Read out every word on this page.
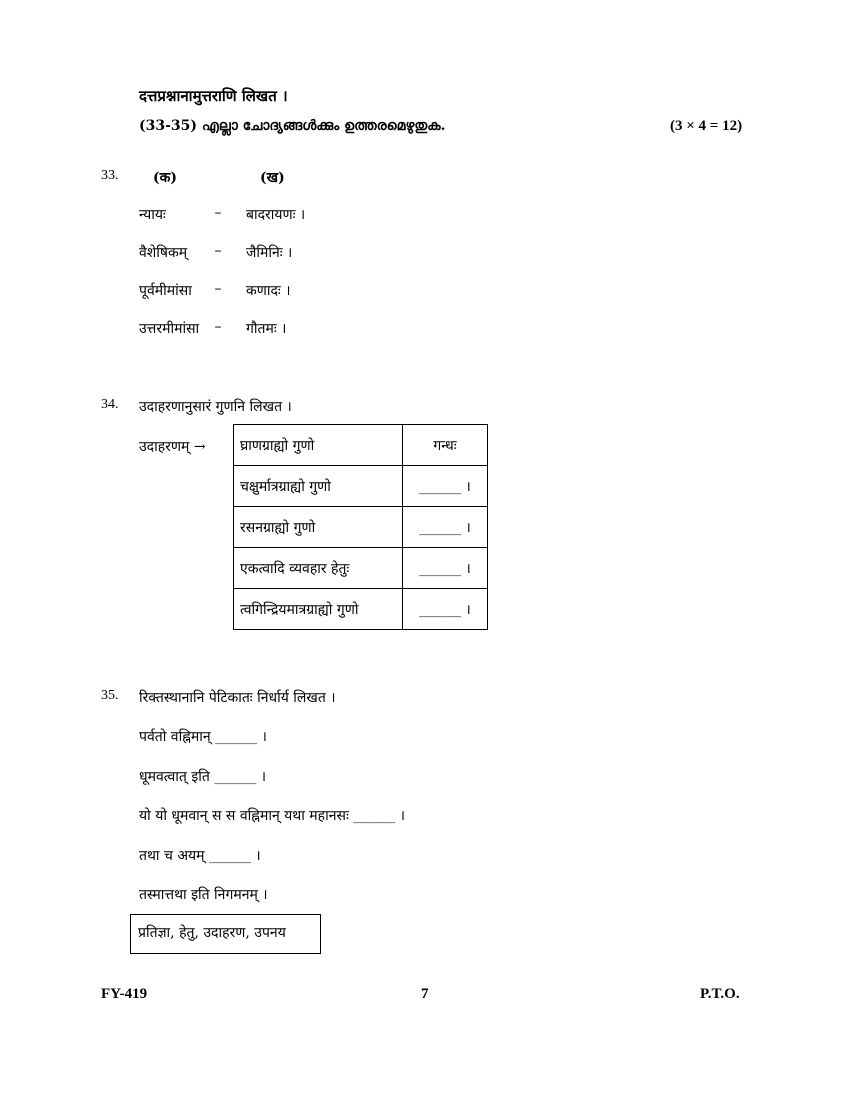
दत्तप्रश्नानामुत्तराणि लिखत ।
(33-35) എല്ലാ ചോദ്യങ്ങൾക്കും ഉത്തരമെഴുതുക.	(3 × 4 = 12)
33. (क)	(ख)
न्यायः	–	बादरायणः ।
वैशेषिकम्	–	जैमिनिः ।
पूर्वमीमांसा	–	कणादः ।
उत्तरमीमांसा	–	गौतमः ।
34. उदाहरणानुसारं गुणनि लिखत ।
उदाहरणम् → घ्राणग्राह्यो गुणो	गन्धः
चक्षुर्मात्रग्राह्यो गुणो	______ ।
रसनग्राह्यो गुणो	______ ।
एकत्वादि व्यवहार हेतुः	______ ।
त्वगिन्द्रियमात्रग्राह्यो गुणो	______ ।
35. रिक्तस्थानानि पेटिकातः निर्धार्य लिखत ।
पर्वतो वह्निमान् ______ ।
धूमवत्वात् इति ______ ।
यो यो धूमवान् स स वह्निमान् यथा महानसः ______ ।
तथा च अयम् ______ ।
तस्मात्तथा इति निगमनम् ।
प्रतिज्ञा, हेतु, उदाहरण, उपनय
FY-419	7	P.T.O.
